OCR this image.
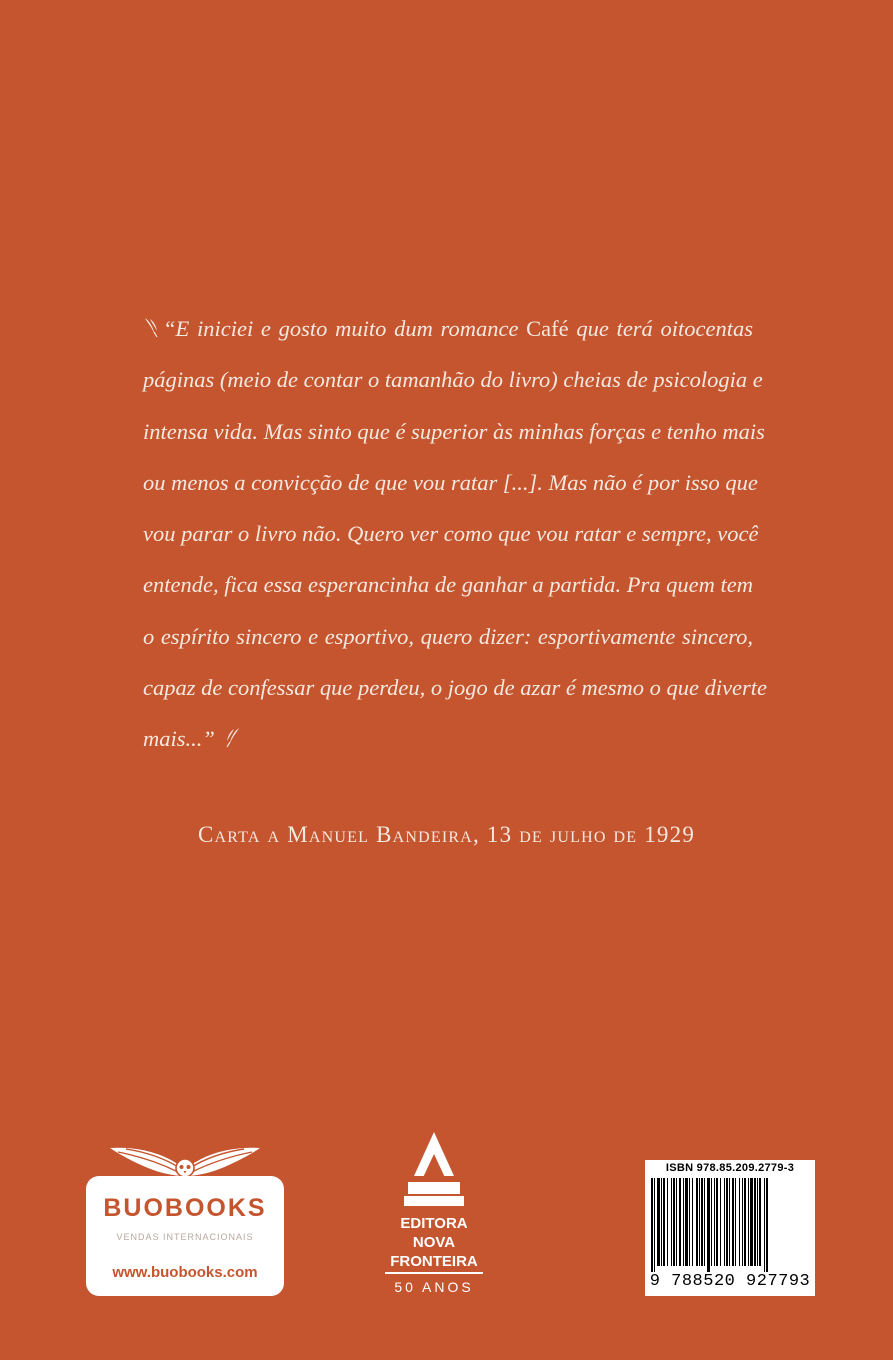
“E iniciei e gosto muito dum romance Café que terá oitocentas
páginas (meio de contar o tamanhão do livro) cheias de psicologia e
intensa vida. Mas sinto que é superior às minhas forças e tenho mais
ou menos a convicção de que vou ratar [...]. Mas não é por isso que
vou parar o livro não. Quero ver como que vou ratar e sempre, você
entende, fica essa esperancinha de ganhar a partida. Pra quem tem
o espírito sincero e esportivo, quero dizer: esportivamente sincero,
capaz de confessar que perdeu, o jogo de azar é mesmo o que diverte
mais...”
Carta a Manuel Bandeira, 13 de julho de 1929
BUOBOOKS
VENDAS INTERNACIONAIS
www.buobooks.com
EDITORA
NOVA
FRONTEIRA
50 ANOS
ISBN 978.85.209.2779-3
9 788520 927793
